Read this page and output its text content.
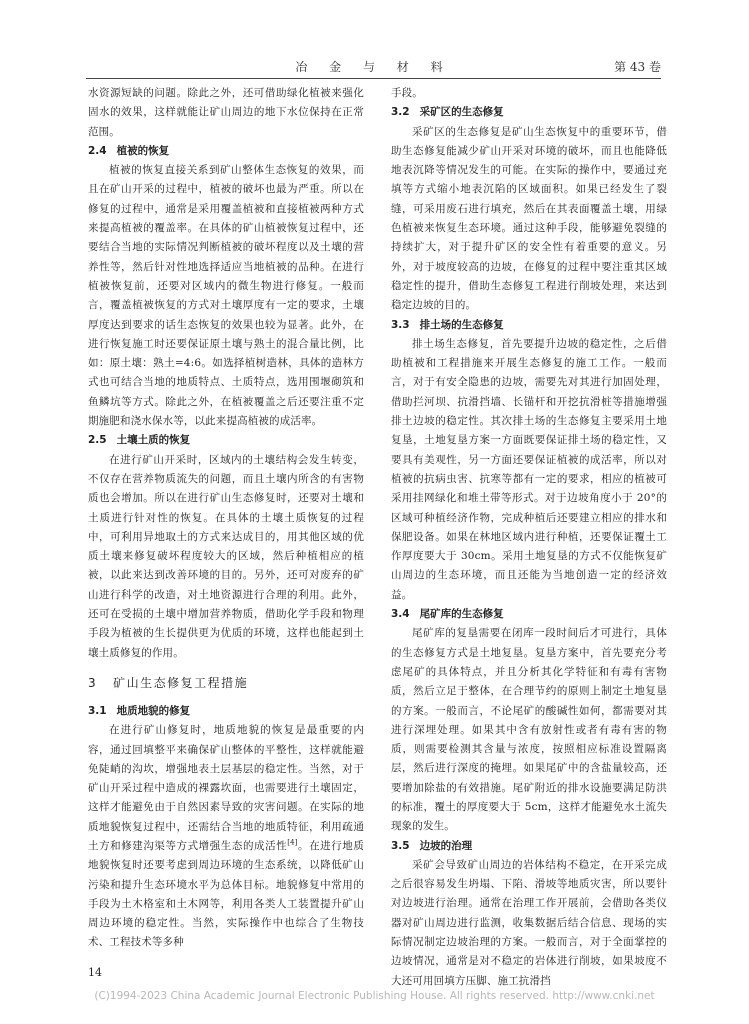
冶 金 与 材 料	第 43 卷

水资源短缺的问题。除此之外，还可借助绿化植被来强化固水的效果，这样就能让矿山周边的地下水位保持在正常范围。

2.4 植被的恢复

植被的恢复直接关系到矿山整体生态恢复的效果，而且在矿山开采的过程中，植被的破坏也最为严重。所以在修复的过程中，通常是采用覆盖植被和直接植被两种方式来提高植被的覆盖率。在具体的矿山植被恢复过程中，还要结合当地的实际情况判断植被的破坏程度以及土壤的营养性等，然后针对性地选择适应当地植被的品种。在进行植被恢复前，还要对区域内的微生物进行修复。一般而言，覆盖植被恢复的方式对土壤厚度有一定的要求，土壤厚度达到要求的话生态恢复的效果也较为显著。此外，在进行恢复施工时还要保证原土壤与熟土的混合量比例，比如：原土壤：熟土=4:6。如选择植树造林，具体的造林方式也可结合当地的地质特点、土质特点，选用围堰砌筑和鱼鳞坑等方式。除此之外，在植被覆盖之后还要注重不定期施肥和浇水保水等，以此来提高植被的成活率。

2.5 土壤土质的恢复

在进行矿山开采时，区域内的土壤结构会发生转变，不仅存在营养物质流失的问题，而且土壤内所含的有害物质也会增加。所以在进行矿山生态修复时，还要对土壤和土质进行针对性的恢复。在具体的土壤土质恢复的过程中，可利用异地取土的方式来达成目的，用其他区域的优质土壤来修复破坏程度较大的区域，然后种植相应的植被，以此来达到改善环境的目的。另外，还可对废弃的矿山进行科学的改造，对土地资源进行合理的利用。此外，还可在受损的土壤中增加营养物质，借助化学手段和物理手段为植被的生长提供更为优质的环境，这样也能起到土壤土质修复的作用。

3 矿山生态修复工程措施
3.1 地质地貌的修复

在进行矿山修复时，地质地貌的恢复是最重要的内容，通过回填整平来确保矿山整体的平整性，这样就能避免陡峭的沟坎，增强地表土层基层的稳定性。当然，对于矿山开采过程中造成的裸露坎面，也需要进行土壤固定，这样才能避免由于自然因素导致的灾害问题。在实际的地质地貌恢复过程中，还需结合当地的地质特征，利用疏通土方和修建沟渠等方式增强生态的成活性[4]。在进行地质地貌恢复时还要考虑到周边环境的生态系统，以降低矿山污染和提升生态环境水平为总体目标。地貌修复中常用的手段为土木格室和土木网等，利用各类人工装置提升矿山周边环境的稳定性。当然，实际操作中也综合了生物技术、工程技术等多种

手段。

3.2 采矿区的生态修复

采矿区的生态修复是矿山生态恢复中的重要环节，借助生态修复能减少矿山开采对环境的破坏，而且也能降低地表沉降等情况发生的可能。在实际的操作中，要通过充填等方式缩小地表沉陷的区域面积。如果已经发生了裂缝，可采用废石进行填充，然后在其表面覆盖土壤，用绿色植被来恢复生态环境。通过这种手段，能够避免裂缝的持续扩大，对于提升矿区的安全性有着重要的意义。另外，对于坡度较高的边坡，在修复的过程中要注重其区域稳定性的提升，借助生态修复工程进行削坡处理，来达到稳定边坡的目的。

3.3 排土场的生态修复

排土场生态修复，首先要提升边坡的稳定性，之后借助植被和工程措施来开展生态修复的施工工作。一般而言，对于有安全隐患的边坡，需要先对其进行加固处理，借助拦河坝、抗滑挡墙、长锚杆和开挖抗滑桩等措施增强排土边坡的稳定性。其次排土场的生态修复主要采用土地复垦，土地复垦方案一方面既要保证排土场的稳定性，又要具有美观性，另一方面还要保证植被的成活率，所以对植被的抗病虫害、抗寒等都有一定的要求，相应的植被可采用挂网绿化和堆土带等形式。对于边坡角度小于 20°的区域可种植经济作物，完成种植后还要建立相应的排水和保肥设备。如果在林地区域内进行种植，还要保证覆土工作厚度要大于 30cm。采用土地复垦的方式不仅能恢复矿山周边的生态环境，而且还能为当地创造一定的经济效益。

3.4 尾矿库的生态修复

尾矿库的复垦需要在闭库一段时间后才可进行，具体的生态修复方式是土地复垦。复垦方案中，首先要充分考虑尾矿的具体特点，并且分析其化学特征和有毒有害物质，然后立足于整体，在合理节约的原则上制定土地复垦的方案。一般而言，不论尾矿的酸碱性如何，都需要对其进行深埋处理。如果其中含有放射性或者有毒有害的物质，则需要检测其含量与浓度，按照相应标准设置隔离层，然后进行深度的掩埋。如果尾矿中的含盐量较高，还要增加除盐的有效措施。尾矿附近的排水设施要满足防洪的标准，覆土的厚度要大于 5cm，这样才能避免水土流失现象的发生。

3.5 边坡的治理

采矿会导致矿山周边的岩体结构不稳定，在开采完成之后很容易发生坍塌、下陷、滑坡等地质灾害，所以要针对边坡进行治理。通常在治理工作开展前，会借助各类仪器对矿山周边进行监测，收集数据后结合信息、现场的实际情况制定边坡治理的方案。一般而言，对于全面掌控的边坡情况，通常是对不稳定的岩体进行削坡，如果坡度不大还可用回填方压脚、施工抗滑挡

14
(C)1994-2023 China Academic Journal Electronic Publishing House. All rights reserved. http://www.cnki.net
